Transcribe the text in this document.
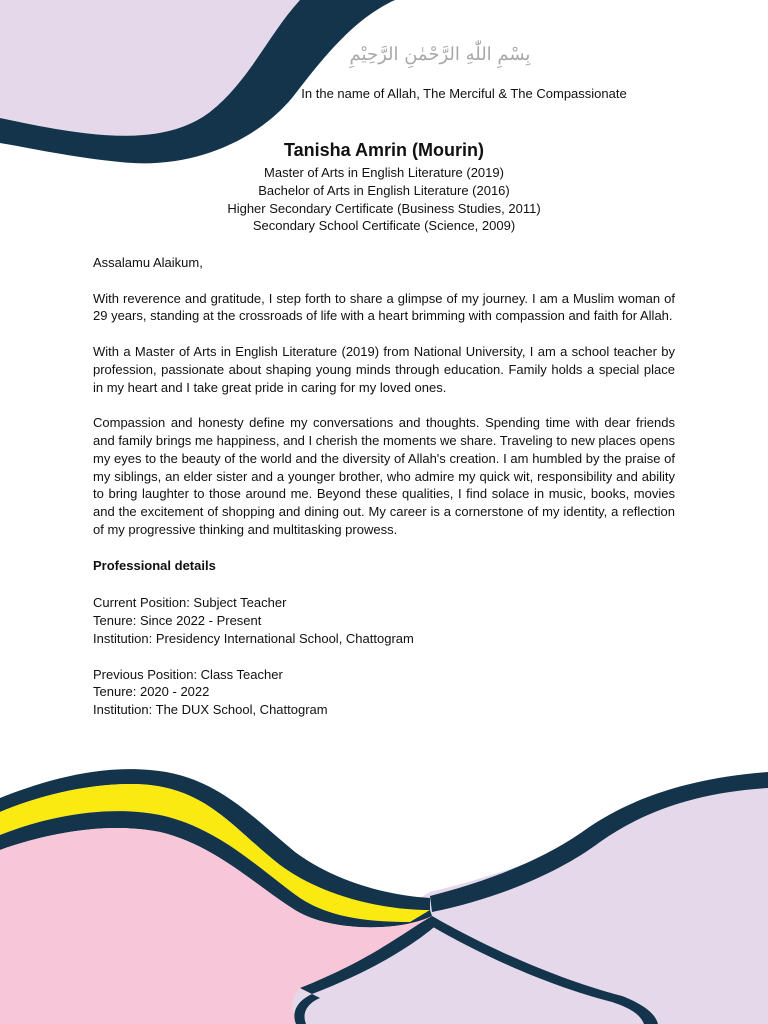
بِسْمِ اللّٰهِ الرَّحْمٰنِ الرَّحِيْمِ
In the name of Allah, The Merciful & The Compassionate
Tanisha Amrin (Mourin)
Master of Arts in English Literature (2019)
Bachelor of Arts in English Literature (2016)
Higher Secondary Certificate (Business Studies, 2011)
Secondary School Certificate (Science, 2009)

Assalamu Alaikum,

With reverence and gratitude, I step forth to share a glimpse of my journey. I am a Muslim woman of 29 years, standing at the crossroads of life with a heart brimming with compassion and faith for Allah.

With a Master of Arts in English Literature (2019) from National University, I am a school teacher by profession, passionate about shaping young minds through education. Family holds a special place in my heart and I take great pride in caring for my loved ones.

Compassion and honesty define my conversations and thoughts. Spending time with dear friends and family brings me happiness, and I cherish the moments we share. Traveling to new places opens my eyes to the beauty of the world and the diversity of Allah's creation. I am humbled by the praise of my siblings, an elder sister and a younger brother, who admire my quick wit, responsibility and ability to bring laughter to those around me. Beyond these qualities, I find solace in music, books, movies and the excitement of shopping and dining out. My career is a cornerstone of my identity, a reflection of my progressive thinking and multitasking prowess.

Professional details
Current Position: Subject Teacher
Tenure: Since 2022 - Present
Institution: Presidency International School, Chattogram
Previous Position: Class Teacher
Tenure: 2020 - 2022
Institution: The DUX School, Chattogram
